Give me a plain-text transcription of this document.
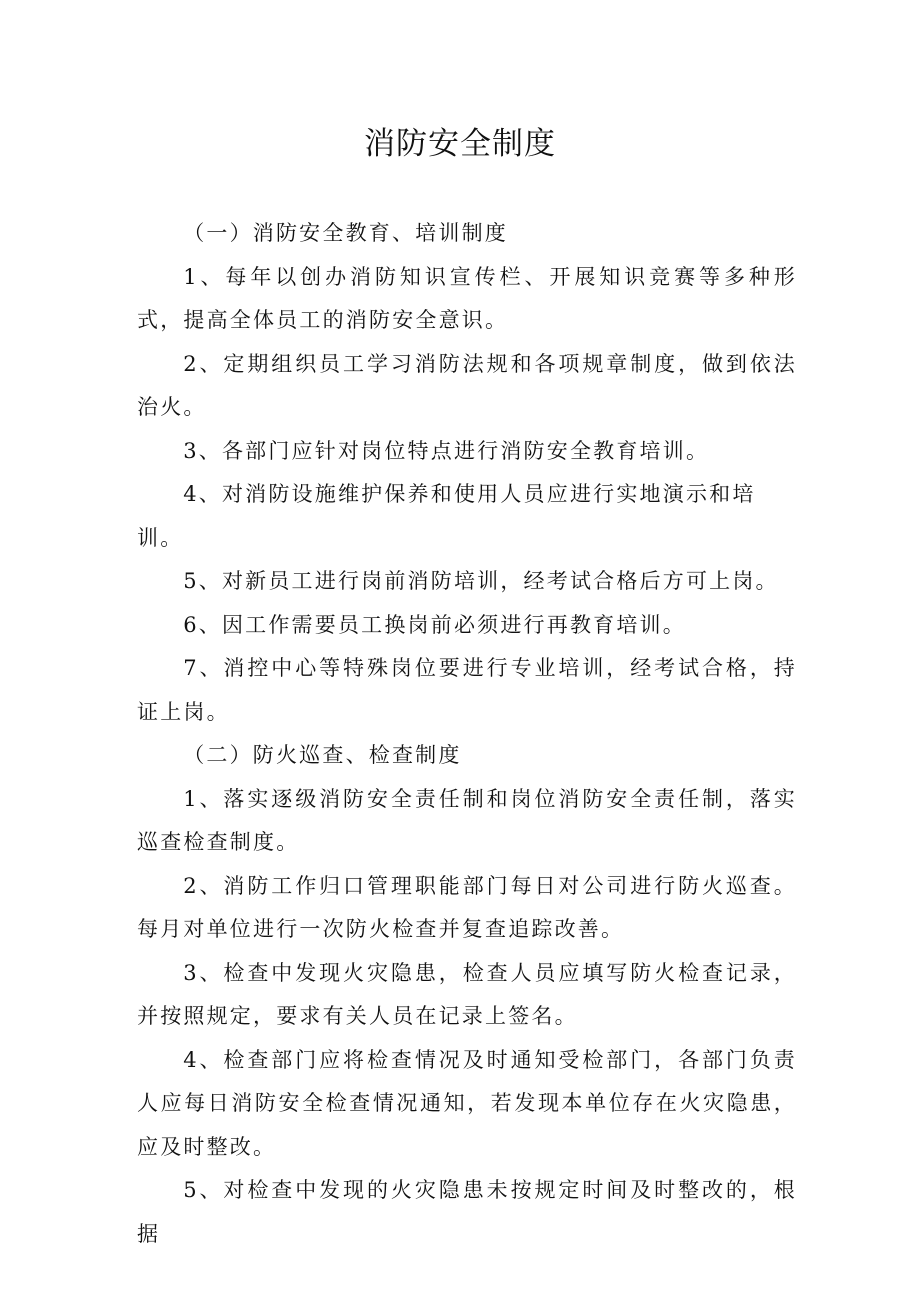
消防安全制度

（一）消防安全教育、培训制度

1、每年以创办消防知识宣传栏、开展知识竞赛等多种形式，提高全体员工的消防安全意识。

2、定期组织员工学习消防法规和各项规章制度，做到依法治火。

3、各部门应针对岗位特点进行消防安全教育培训。

4、对消防设施维护保养和使用人员应进行实地演示和培训。

5、对新员工进行岗前消防培训，经考试合格后方可上岗。

6、因工作需要员工换岗前必须进行再教育培训。

7、消控中心等特殊岗位要进行专业培训，经考试合格，持证上岗。

（二）防火巡查、检查制度

1、落实逐级消防安全责任制和岗位消防安全责任制，落实巡查检查制度。

2、消防工作归口管理职能部门每日对公司进行防火巡查。每月对单位进行一次防火检查并复查追踪改善。

3、检查中发现火灾隐患，检查人员应填写防火检查记录，并按照规定，要求有关人员在记录上签名。

4、检查部门应将检查情况及时通知受检部门，各部门负责人应每日消防安全检查情况通知，若发现本单位存在火灾隐患，应及时整改。

5、对检查中发现的火灾隐患未按规定时间及时整改的，根据
